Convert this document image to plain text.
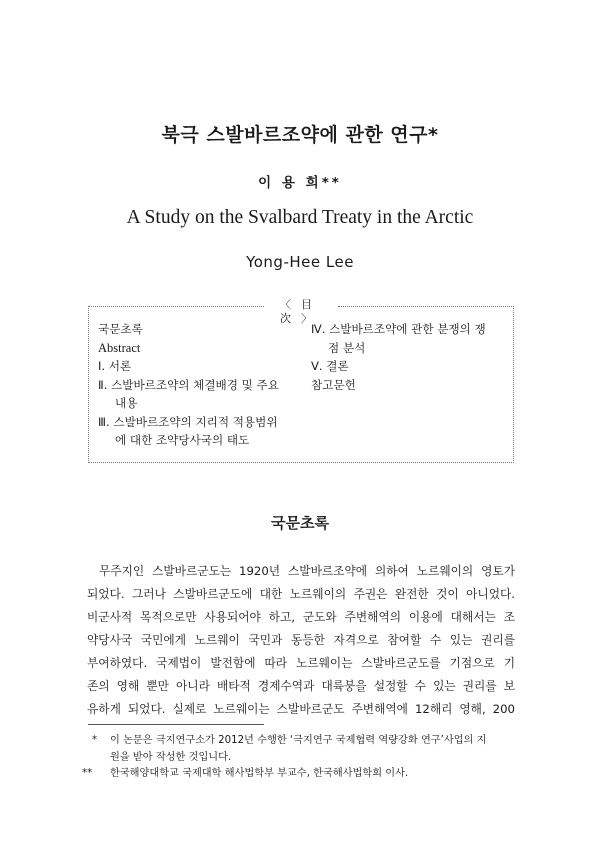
북극 스발바르조약에 관한 연구*
이 용 희**
A Study on the Svalbard Treaty in the Arctic
Yong-Hee Lee
〈目　　次〉
국문초록
Abstract
Ⅰ. 서론
Ⅱ. 스발바르조약의 체결배경 및 주요
내용
Ⅲ. 스발바르조약의 지리적 적용범위
에 대한 조약당사국의 태도
Ⅳ. 스발바르조약에 관한 분쟁의 쟁
점 분석
Ⅴ. 결론
참고문헌
국문초록
무주지인 스발바르군도는 1920년 스발바르조약에 의하여 노르웨이의 영토가
되었다. 그러나 스발바르군도에 대한 노르웨이의 주권은 완전한 것이 아니었다.
비군사적 목적으로만 사용되어야 하고, 군도와 주변해역의 이용에 대해서는 조
약당사국 국민에게 노르웨이 국민과 동등한 자격으로 참여할 수 있는 권리를
부여하였다. 국제법이 발전함에 따라 노르웨이는 스발바르군도를 기점으로 기
존의 영해 뿐만 아니라 배타적 경제수역과 대륙붕을 설정할 수 있는 권리를 보
유하게 되었다. 실제로 노르웨이는 스발바르군도 주변해역에 12해리 영해, 200
*	이 논문은 극지연구소가 2012년 수행한 ‘극지연구 국제협력 역량강화 연구’사업의 지
원을 받아 작성한 것입니다.
**	한국해양대학교 국제대학 해사법학부 부교수, 한국해사법학회 이사.
